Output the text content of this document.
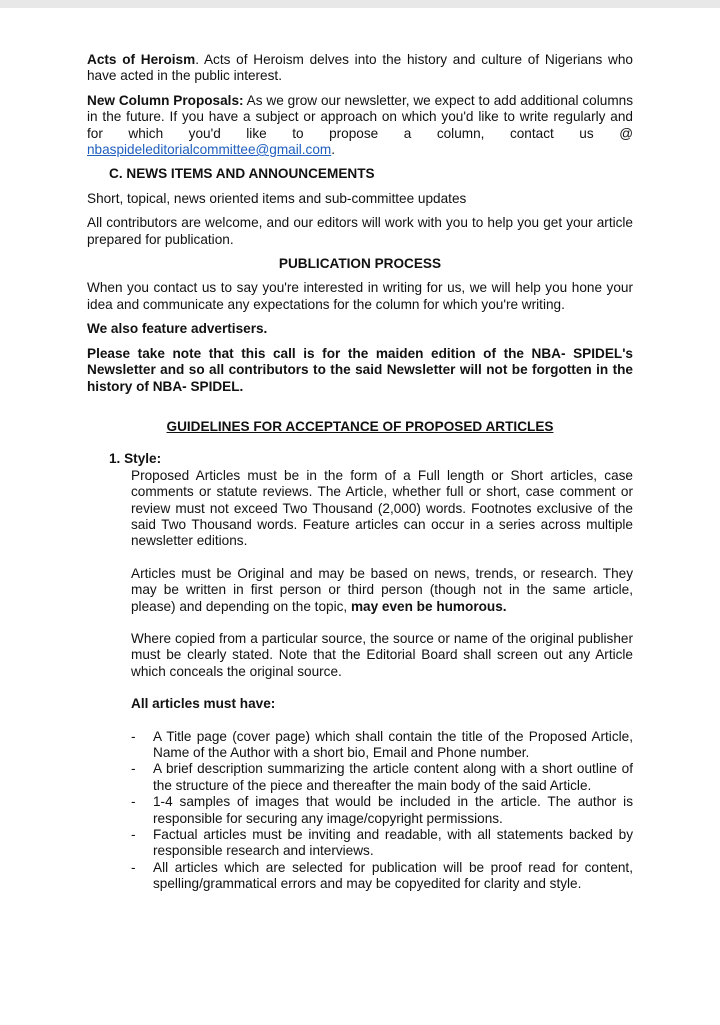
Acts of Heroism. Acts of Heroism delves into the history and culture of Nigerians who have acted in the public interest.

New Column Proposals: As we grow our newsletter, we expect to add additional columns in the future. If you have a subject or approach on which you'd like to write regularly and for which you'd like to propose a column, contact us @ nbaspideleditorialcommittee@gmail.com.

C. NEWS ITEMS AND ANNOUNCEMENTS

Short, topical, news oriented items and sub-committee updates

All contributors are welcome, and our editors will work with you to help you get your article prepared for publication.

PUBLICATION PROCESS

When you contact us to say you're interested in writing for us, we will help you hone your idea and communicate any expectations for the column for which you're writing.

We also feature advertisers.

Please take note that this call is for the maiden edition of the NBA- SPIDEL's Newsletter and so all contributors to the said Newsletter will not be forgotten in the history of NBA- SPIDEL.

GUIDELINES FOR ACCEPTANCE OF PROPOSED ARTICLES

1. Style:

Proposed Articles must be in the form of a Full length or Short articles, case comments or statute reviews. The Article, whether full or short, case comment or review must not exceed Two Thousand (2,000) words. Footnotes exclusive of the said Two Thousand words. Feature articles can occur in a series across multiple newsletter editions.

Articles must be Original and may be based on news, trends, or research. They may be written in first person or third person (though not in the same article, please) and depending on the topic, may even be humorous.

Where copied from a particular source, the source or name of the original publisher must be clearly stated. Note that the Editorial Board shall screen out any Article which conceals the original source.

All articles must have:

- A Title page (cover page) which shall contain the title of the Proposed Article, Name of the Author with a short bio, Email and Phone number.
- A brief description summarizing the article content along with a short outline of the structure of the piece and thereafter the main body of the said Article.
- 1-4 samples of images that would be included in the article. The author is responsible for securing any image/copyright permissions.
- Factual articles must be inviting and readable, with all statements backed by responsible research and interviews.
- All articles which are selected for publication will be proof read for content, spelling/grammatical errors and may be copyedited for clarity and style.
